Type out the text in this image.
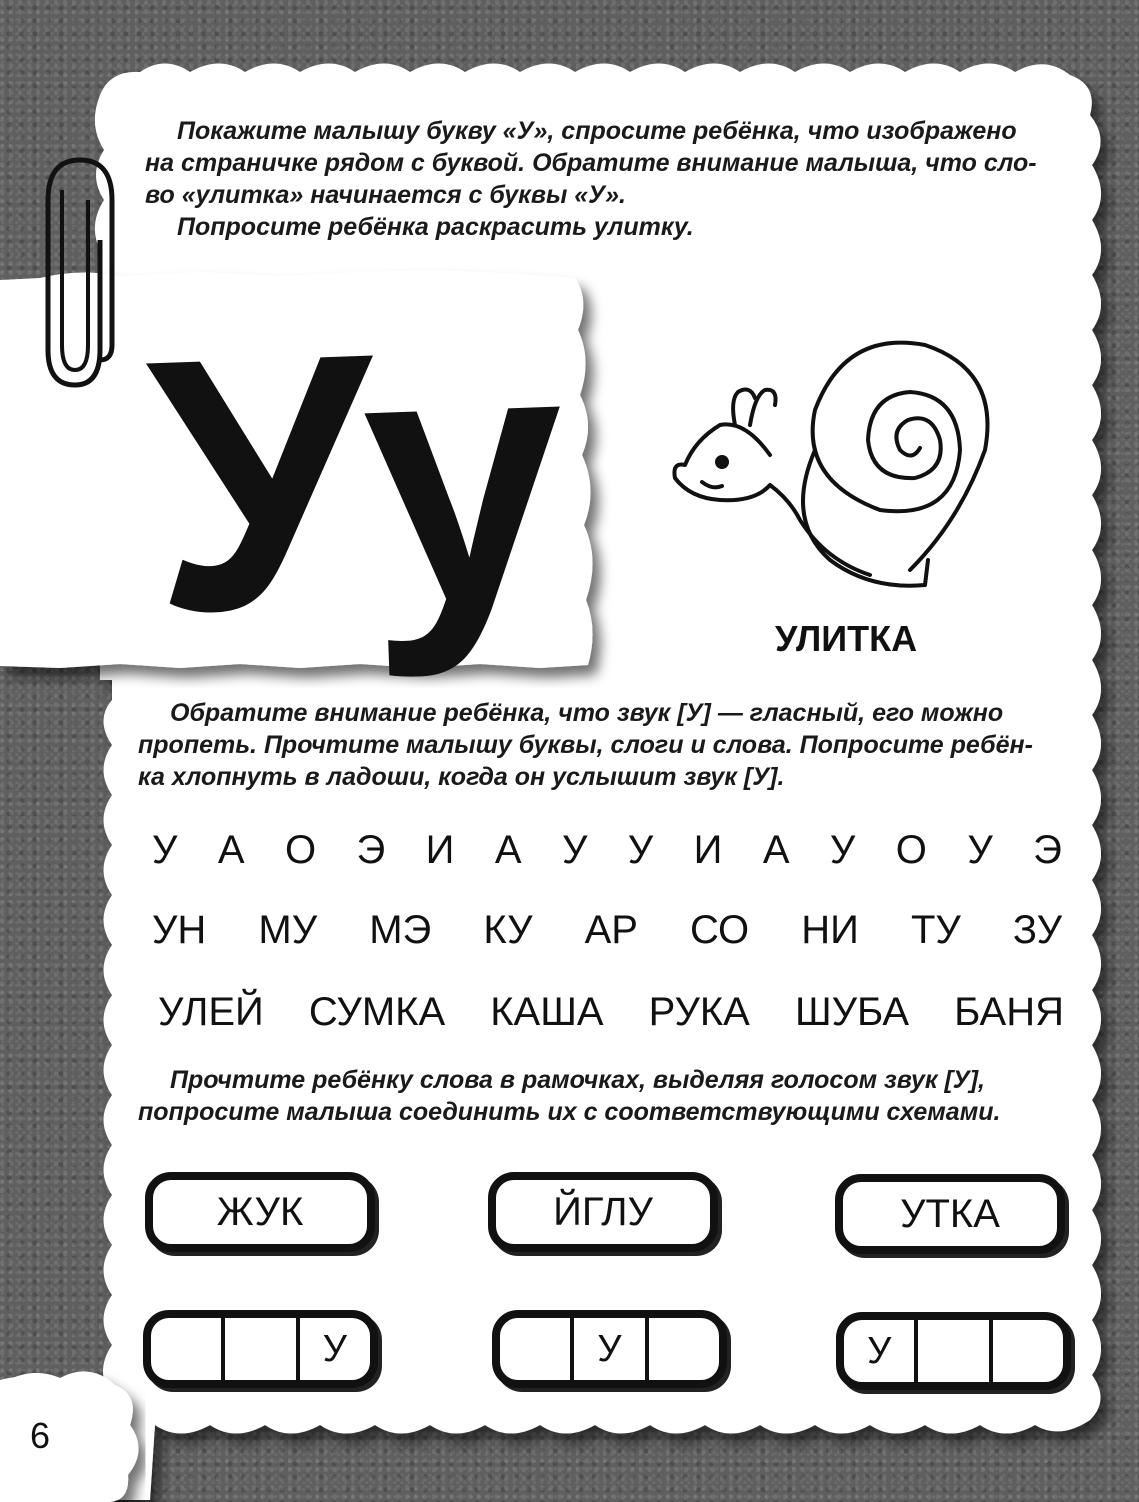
Покажите малышу букву «У», спросите ребёнка, что изображено
на страничке рядом с буквой. Обратите внимание малыша, что сло-
во «улитка» начинается с буквы «У».
Попросите ребёнка раскрасить улитку.
Уу	УЛИТКА
Обратите внимание ребёнка, что звук [У] — гласный, его можно
пропеть. Прочтите малышу буквы, слоги и слова. Попросите ребён-
ка хлопнуть в ладоши, когда он услышит звук [У].
У А О Э И А У У И А У О У Э
УН МУ МЭ КУ АР СО НИ ТУ ЗУ
УЛЕЙ СУМКА КАША РУКА ШУБА БАНЯ
Прочтите ребёнку слова в рамочках, выделяя голосом звук [У],
попросите малыша соединить их с соответствующими схемами.
ЖУК	ЙГЛУ	УТКА
У	У	У
6
